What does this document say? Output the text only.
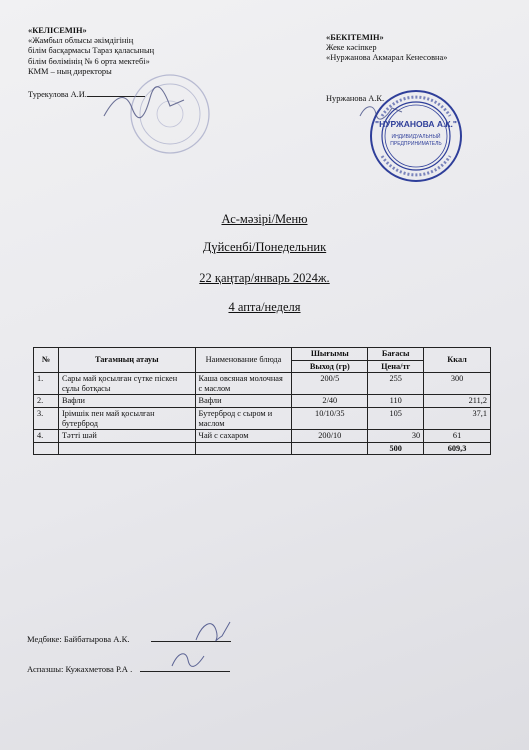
«КЕЛІСЕМІН»
«Жамбыл облысы әкімдігінің
білім басқармасы Тараз қаласының
білім бөлімінің № 6 орта мектебі»
КММ – ның директоры
Турекулова А.И.
«БЕКІТЕМІН»
Жеке кәсіпкер
«Нуржанова Акмарал Кенесовна»
Нуржанова А.К.
"НУРЖАНОВА А.К."
ИНДИВИДУАЛЬНЫЙ
ПРЕДПРИНИМАТЕЛЬ
Ас-мәзірі/Меню
Дүйсенбі/Понедельник
22 қаңтар/январь 2024ж.
4 апта/неделя
№	Тағамның атауы	Наименование блюда	Шығымы	Бағасы	Ккал
			Выход (гр)	Цена/тг	
1.	Сары май қосылған сүтке піскен сұлы ботқасы	Каша овсяная молочная с маслом	200/5	255	300
2.	Вафли	Вафли	2/40	110	211,2
3.	Ірімшік пен май қосылған бутерброд	Бутерброд с сыром и маслом	10/10/35	105	37,1
4.	Тәтті шәй	Чай с сахаром	200/10	30	61
				500	609,3
Медбике: Байбатырова А.К.
Аспазшы: Кужахметова Р.А .
